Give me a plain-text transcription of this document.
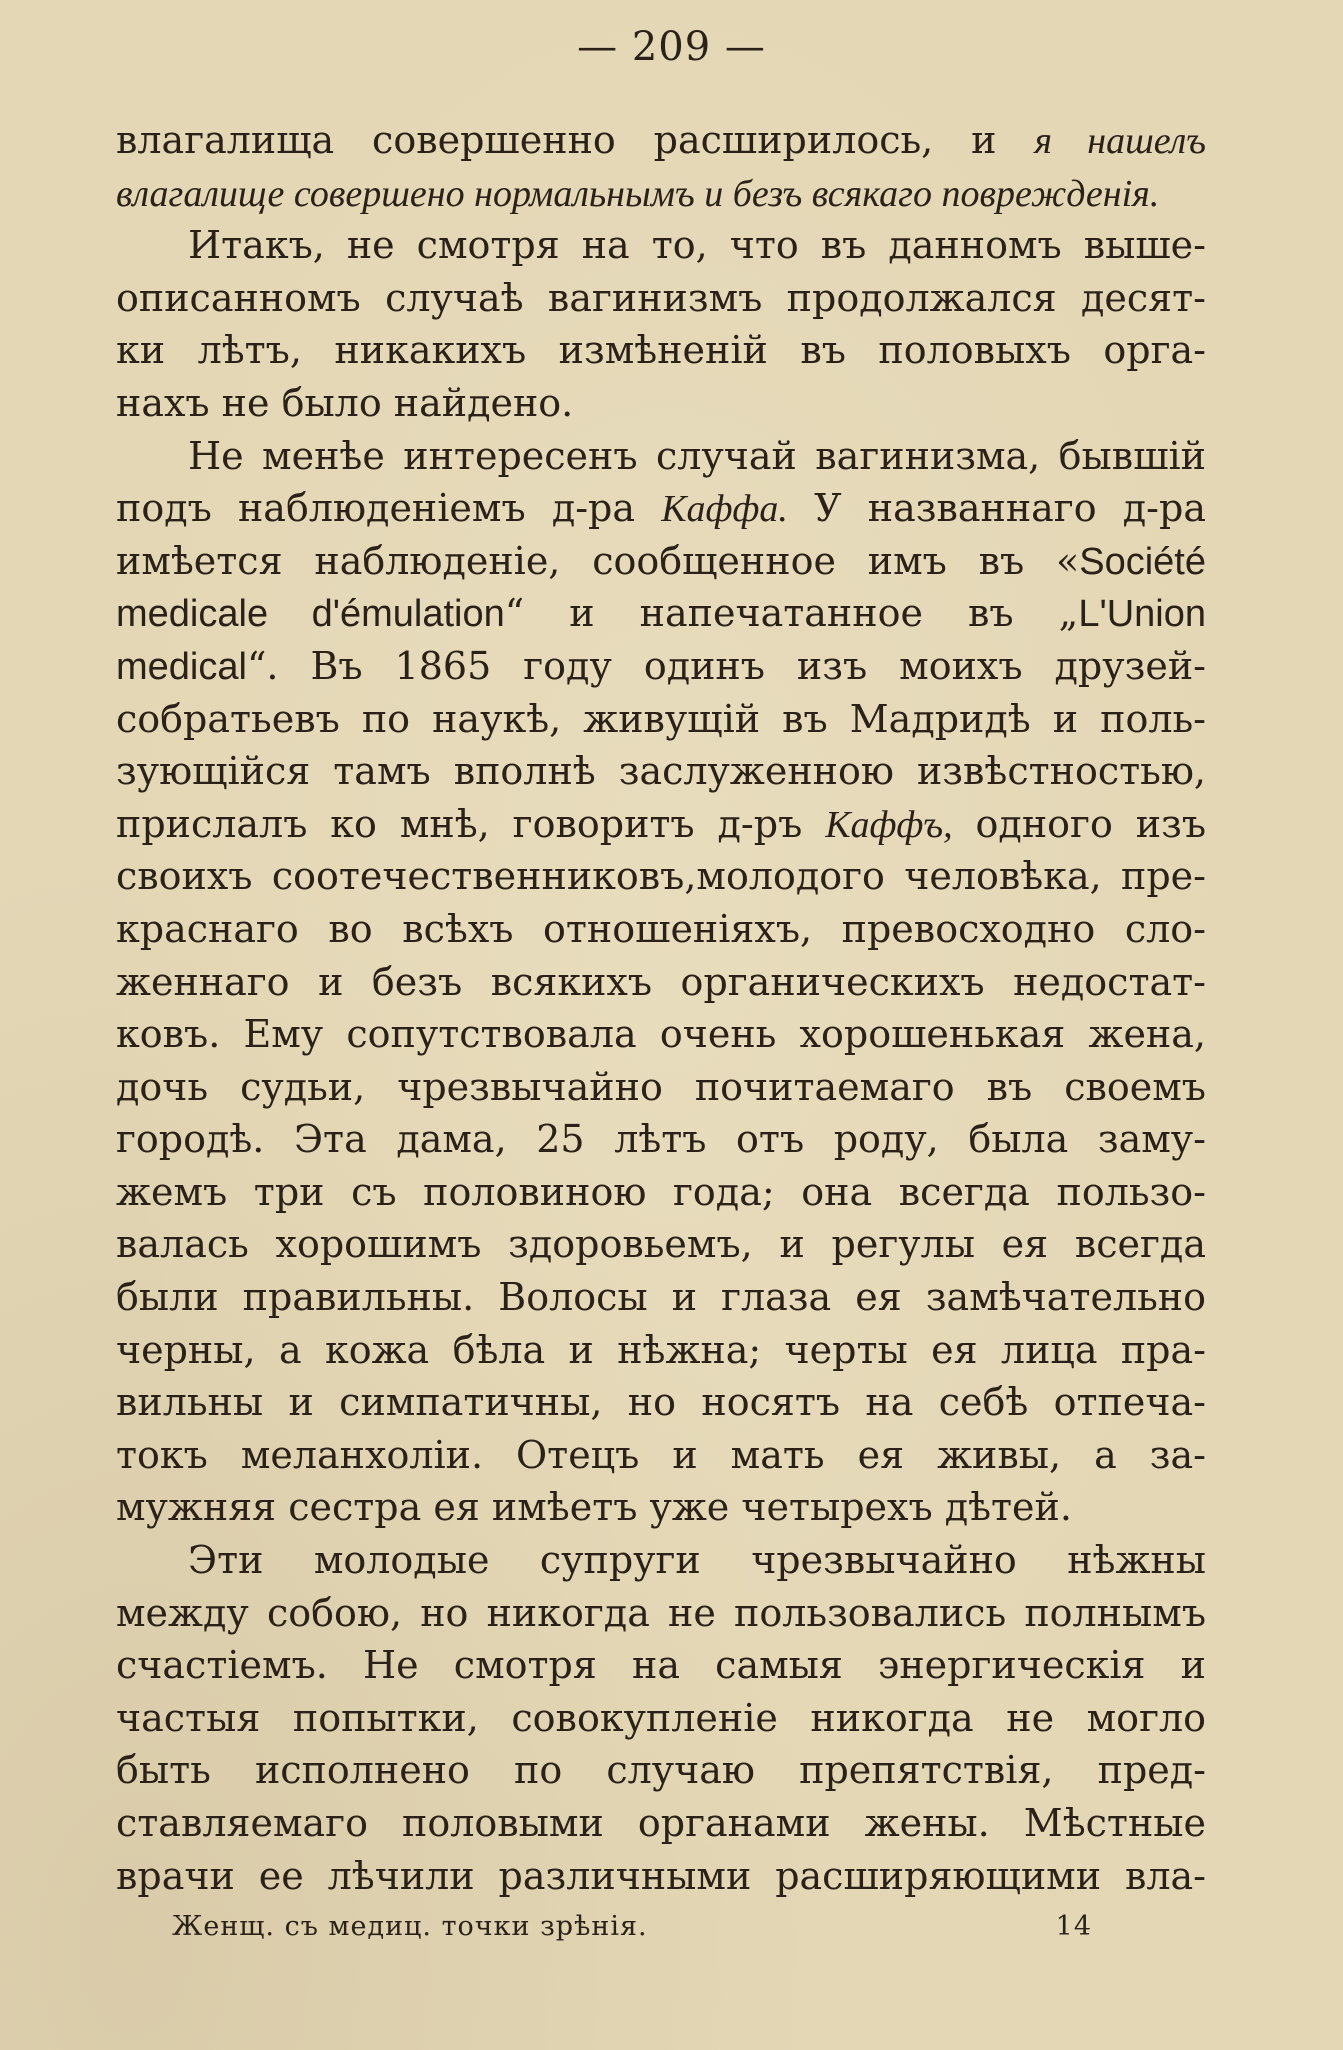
— 209 —
влагалища совершенно расширилось, и я нашелъ
влагалище совершено нормальнымъ и безъ всякаго поврежденія.
Итакъ, не смотря на то, что въ данномъ выше-
описанномъ случаѣ вагинизмъ продолжался десят-
ки лѣтъ, никакихъ измѣненій въ половыхъ орга-
нахъ не было найдено.
Не менѣе интересенъ случай вагинизма, бывшій
подъ наблюденіемъ д-ра Каффа. У названнаго д-ра
имѣется наблюденіе, сообщенное имъ въ «Société
medicale d'émulation“ и напечатанное въ „L'Union
medical“. Въ 1865 году одинъ изъ моихъ друзей-
собратьевъ по наукѣ, живущій въ Мадридѣ и поль-
зующійся тамъ вполнѣ заслуженною извѣстностью,
прислалъ ко мнѣ, говоритъ д-ръ Каффъ, одного изъ
своихъ соотечественниковъ,молодого человѣка, пре-
краснаго во всѣхъ отношеніяхъ, превосходно сло-
женнаго и безъ всякихъ органическихъ недостат-
ковъ. Ему сопутствовала очень хорошенькая жена,
дочь судьи, чрезвычайно почитаемаго въ своемъ
городѣ. Эта дама, 25 лѣтъ отъ роду, была заму-
жемъ три съ половиною года; она всегда пользо-
валась хорошимъ здоровьемъ, и регулы ея всегда
были правильны. Волосы и глаза ея замѣчательно
черны, а кожа бѣла и нѣжна; черты ея лица пра-
вильны и симпатичны, но носятъ на себѣ отпеча-
токъ меланхоліи. Отецъ и мать ея живы, а за-
мужняя сестра ея имѣетъ уже четырехъ дѣтей.
Эти молодые супруги чрезвычайно нѣжны
между собою, но никогда не пользовались полнымъ
счастіемъ. Не смотря на самыя энергическія и
частыя попытки, совокупленіе никогда не могло
быть исполнено по случаю препятствія, пред-
ставляемаго половыми органами жены. Мѣстные
врачи ее лѣчили различными расширяющими вла-
Женщ. съ медиц. точки зрѣнія.	14
